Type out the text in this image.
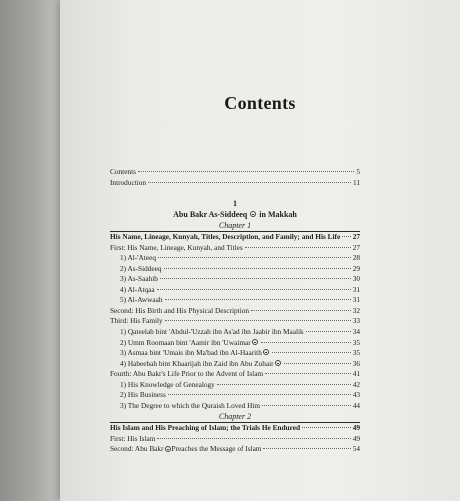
Contents
Contents	5
Introduction	11
1
Abu Bakr As-Siddeeq in Makkah
Chapter 1
His Name, Lineage, Kunyah, Titles, Description, and Family; and His Life 27
First: His Name, Lineage, Kunyah, and Titles	27
1) Al-'Ateeq	28
2) As-Siddeeq	29
3) As-Saahib	30
4) Al-Atqaa	31
5) Al-Awwaah	31
Second: His Birth and His Physical Description	32
Third: His Family	33
1) Qateelah bint 'Abdul-'Uzzah ibn As'ad ibn Jaabir ibn Maalik	34
2) Umm Roomaan bint 'Aamir ibn 'Uwaimar	35
3) Asmaa bint 'Umais ibn Ma'bad ibn Al-Haarith	35
4) Habeebah bint Khaarijah ibn Zaid ibn Abu Zuhair	36
Fourth: Abu Bakr's Life Prior to the Advent of Islam	41
1) His Knowledge of Genealogy	42
2) His Business	43
3) The Degree to which the Quraish Loved Him	44
Chapter 2
His Islam and His Preaching of Islam; the Trials He Endured	49
First: His Islam	49
Second: Abu Bakr Preaches the Message of Islam	54
